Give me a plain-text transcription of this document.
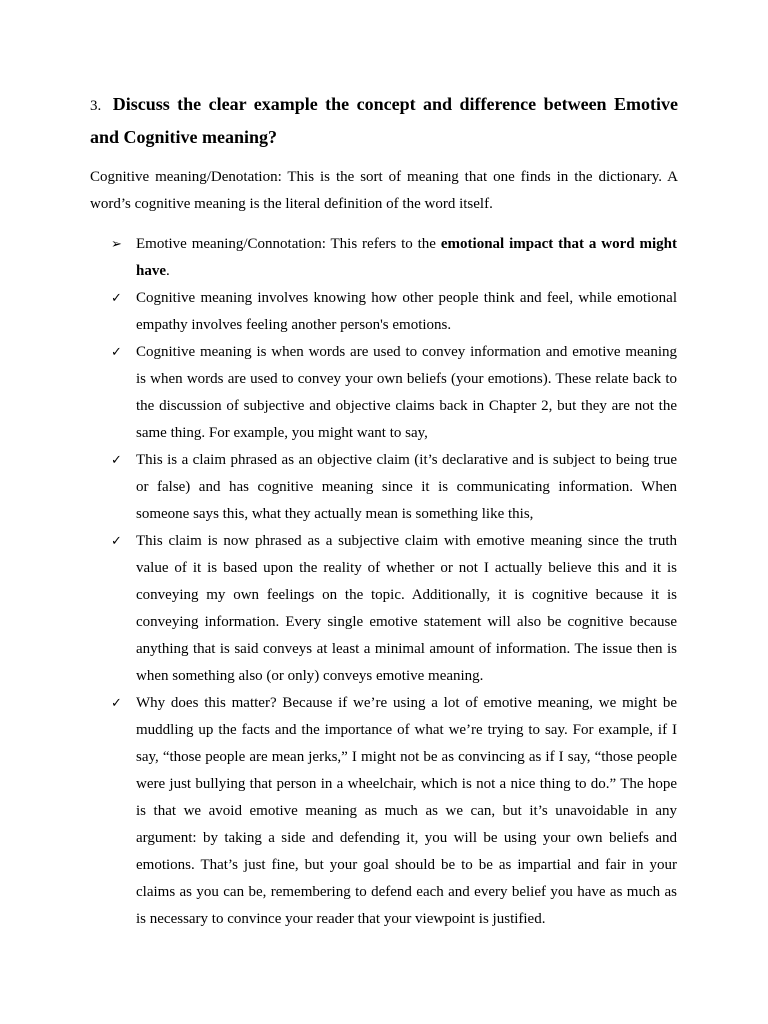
3. Discuss the clear example the concept and difference between Emotive and Cognitive meaning?

Cognitive meaning/Denotation: This is the sort of meaning that one finds in the dictionary. A word’s cognitive meaning is the literal definition of the word itself.

➢ Emotive meaning/Connotation: This refers to the emotional impact that a word might have.
✓ Cognitive meaning involves knowing how other people think and feel, while emotional empathy involves feeling another person's emotions.
✓ Cognitive meaning is when words are used to convey information and emotive meaning is when words are used to convey your own beliefs (your emotions). These relate back to the discussion of subjective and objective claims back in Chapter 2, but they are not the same thing. For example, you might want to say,
✓ This is a claim phrased as an objective claim (it’s declarative and is subject to being true or false) and has cognitive meaning since it is communicating information. When someone says this, what they actually mean is something like this,
✓ This claim is now phrased as a subjective claim with emotive meaning since the truth value of it is based upon the reality of whether or not I actually believe this and it is conveying my own feelings on the topic. Additionally, it is cognitive because it is conveying information. Every single emotive statement will also be cognitive because anything that is said conveys at least a minimal amount of information. The issue then is when something also (or only) conveys emotive meaning.
✓ Why does this matter? Because if we’re using a lot of emotive meaning, we might be muddling up the facts and the importance of what we’re trying to say. For example, if I say, “those people are mean jerks,” I might not be as convincing as if I say, “those people were just bullying that person in a wheelchair, which is not a nice thing to do.” The hope is that we avoid emotive meaning as much as we can, but it’s unavoidable in any argument: by taking a side and defending it, you will be using your own beliefs and emotions. That’s just fine, but your goal should be to be as impartial and fair in your claims as you can be, remembering to defend each and every belief you have as much as is necessary to convince your reader that your viewpoint is justified.
